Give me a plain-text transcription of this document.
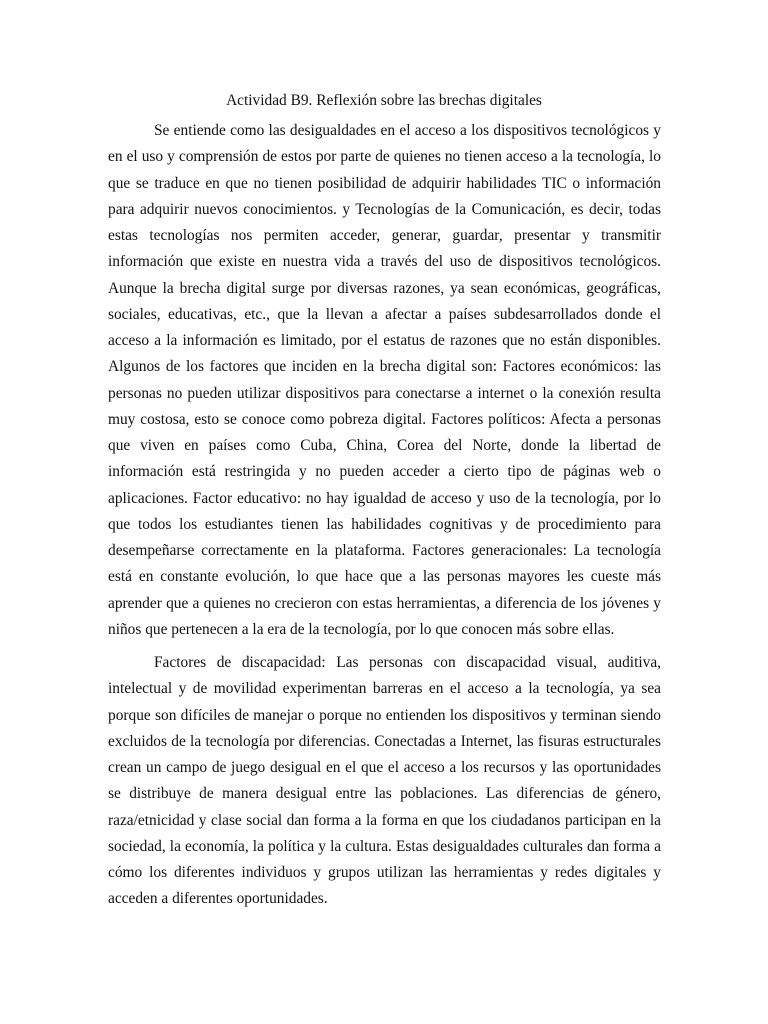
Actividad B9. Reflexión sobre las brechas digitales

Se entiende como las desigualdades en el acceso a los dispositivos tecnológicos y en el uso y comprensión de estos por parte de quienes no tienen acceso a la tecnología, lo que se traduce en que no tienen posibilidad de adquirir habilidades TIC o información para adquirir nuevos conocimientos. y Tecnologías de la Comunicación, es decir, todas estas tecnologías nos permiten acceder, generar, guardar, presentar y transmitir información que existe en nuestra vida a través del uso de dispositivos tecnológicos. Aunque la brecha digital surge por diversas razones, ya sean económicas, geográficas, sociales, educativas, etc., que la llevan a afectar a países subdesarrollados donde el acceso a la información es limitado, por el estatus de razones que no están disponibles. Algunos de los factores que inciden en la brecha digital son: Factores económicos: las personas no pueden utilizar dispositivos para conectarse a internet o la conexión resulta muy costosa, esto se conoce como pobreza digital. Factores políticos: Afecta a personas que viven en países como Cuba, China, Corea del Norte, donde la libertad de información está restringida y no pueden acceder a cierto tipo de páginas web o aplicaciones. Factor educativo: no hay igualdad de acceso y uso de la tecnología, por lo que todos los estudiantes tienen las habilidades cognitivas y de procedimiento para desempeñarse correctamente en la plataforma. Factores generacionales: La tecnología está en constante evolución, lo que hace que a las personas mayores les cueste más aprender que a quienes no crecieron con estas herramientas, a diferencia de los jóvenes y niños que pertenecen a la era de la tecnología, por lo que conocen más sobre ellas.

Factores de discapacidad: Las personas con discapacidad visual, auditiva, intelectual y de movilidad experimentan barreras en el acceso a la tecnología, ya sea porque son difíciles de manejar o porque no entienden los dispositivos y terminan siendo excluidos de la tecnología por diferencias. Conectadas a Internet, las fisuras estructurales crean un campo de juego desigual en el que el acceso a los recursos y las oportunidades se distribuye de manera desigual entre las poblaciones. Las diferencias de género, raza/etnicidad y clase social dan forma a la forma en que los ciudadanos participan en la sociedad, la economía, la política y la cultura. Estas desigualdades culturales dan forma a cómo los diferentes individuos y grupos utilizan las herramientas y redes digitales y acceden a diferentes oportunidades.
